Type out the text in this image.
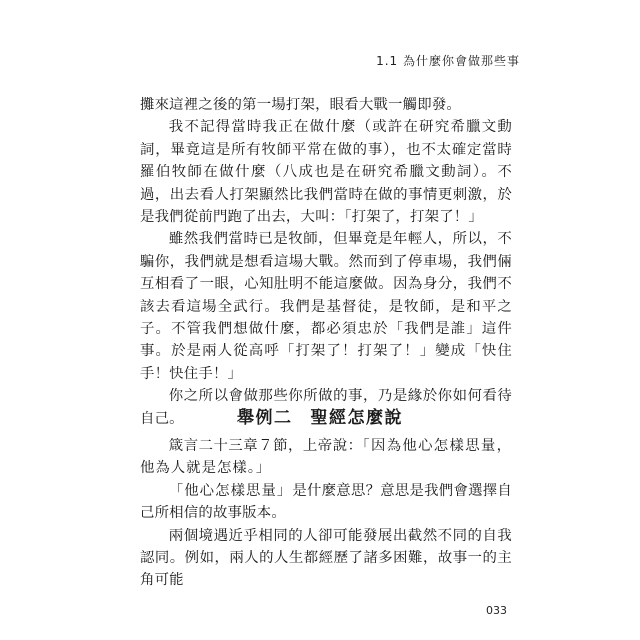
1.1 為什麼你會做那些事

攤來這裡之後的第一場打架，眼看大戰一觸即發。

我不記得當時我正在做什麼（或許在研究希臘文動詞，畢竟這是所有牧師平常在做的事），也不太確定當時羅伯牧師在做什麼（八成也是在研究希臘文動詞）。不過，出去看人打架顯然比我們當時在做的事情更刺激，於是我們從前門跑了出去，大叫：「打架了，打架了！」

雖然我們當時已是牧師，但畢竟是年輕人，所以，不騙你，我們就是想看這場大戰。然而到了停車場，我們倆互相看了一眼，心知肚明不能這麼做。因為身分，我們不該去看這場全武行。我們是基督徒，是牧師，是和平之子。不管我們想做什麼，都必須忠於「我們是誰」這件事。於是兩人從高呼「打架了！打架了！」變成「快住手！快住手！」

你之所以會做那些你所做的事，乃是緣於你如何看待自己。	舉例二 聖經怎麼說

箴言二十三章７節，上帝說：「因為他心怎樣思量，他為人就是怎樣。」

「他心怎樣思量」是什麼意思？意思是我們會選擇自己所相信的故事版本。

兩個境遇近乎相同的人卻可能發展出截然不同的自我認同。例如，兩人的人生都經歷了諸多困難，故事一的主角可能

033
